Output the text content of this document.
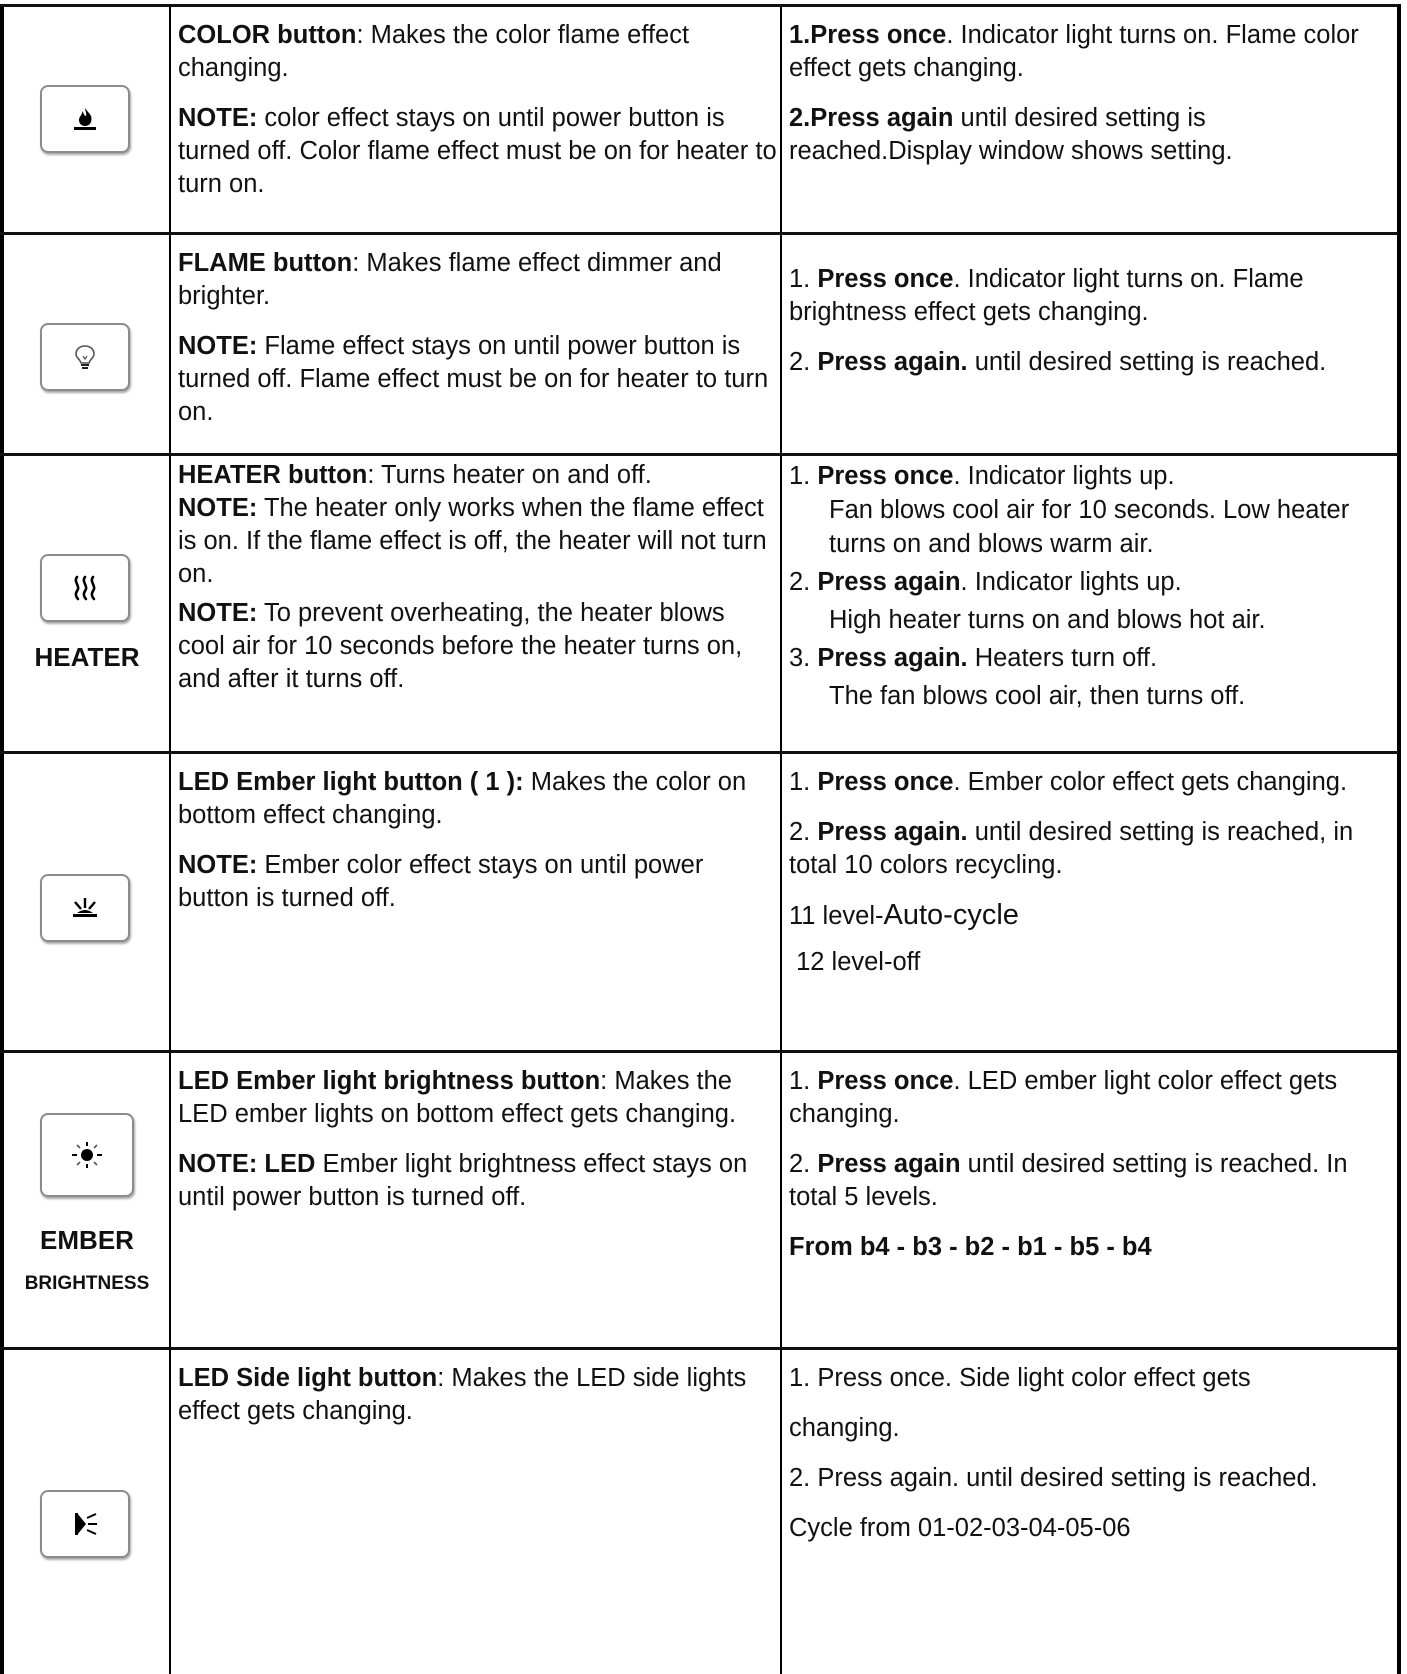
COLOR button: Makes the color flame effect changing.

NOTE: color effect stays on until power button is turned off. Color flame effect must be on for heater to turn on.

1.Press once. Indicator light turns on. Flame color effect gets changing.

2.Press again until desired setting is reached.Display window shows setting.

FLAME button: Makes flame effect dimmer and brighter.

NOTE: Flame effect stays on until power button is turned off. Flame effect must be on for heater to turn on.

1. Press once. Indicator light turns on. Flame brightness effect gets changing.

2. Press again. until desired setting is reached.

HEATER

HEATER button: Turns heater on and off.

NOTE: The heater only works when the flame effect is on. If the flame effect is off, the heater will not turn on.

NOTE: To prevent overheating, the heater blows cool air for 10 seconds before the heater turns on, and after it turns off.

1. Press once. Indicator lights up.

Fan blows cool air for 10 seconds. Low heater turns on and blows warm air.

2. Press again. Indicator lights up.

High heater turns on and blows hot air.

3. Press again. Heaters turn off.

The fan blows cool air, then turns off.

LED Ember light button ( 1 ): Makes the color on bottom effect changing.

NOTE: Ember color effect stays on until power button is turned off.

1. Press once. Ember color effect gets changing.

2. Press again. until desired setting is reached, in total 10 colors recycling.

11 level-Auto-cycle

12 level-off

EMBER
BRIGHTNESS

LED Ember light brightness button: Makes the LED ember lights on bottom effect gets changing.

NOTE: LED Ember light brightness effect stays on until power button is turned off.

1. Press once. LED ember light color effect gets changing.

2. Press again until desired setting is reached. In total 5 levels.

From b4 - b3 - b2 - b1 - b5 - b4

LED Side light button: Makes the LED side lights effect gets changing.

1. Press once. Side light color effect gets

changing.

2. Press again. until desired setting is reached.

Cycle from 01-02-03-04-05-06
